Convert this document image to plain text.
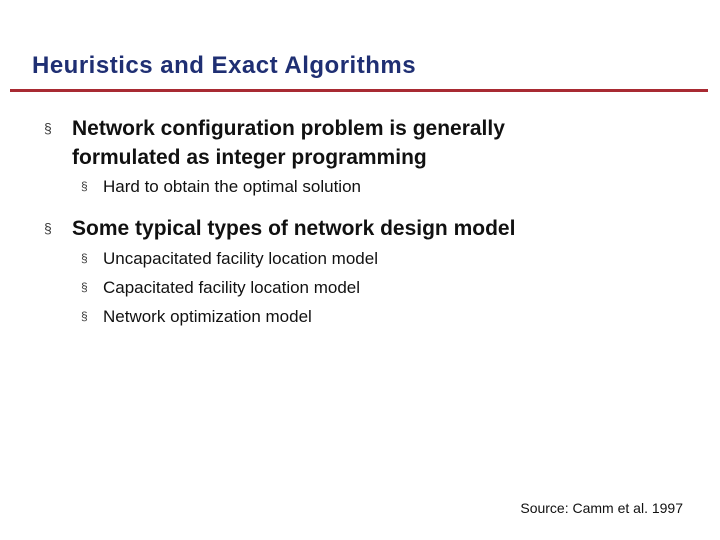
Heuristics and Exact Algorithms
§ Network configuration problem is generally
formulated as integer programming
§ Hard to obtain the optimal solution
§ Some typical types of network design model
§ Uncapacitated facility location model
§ Capacitated facility location model
§ Network optimization model
Source: Camm et al. 1997
